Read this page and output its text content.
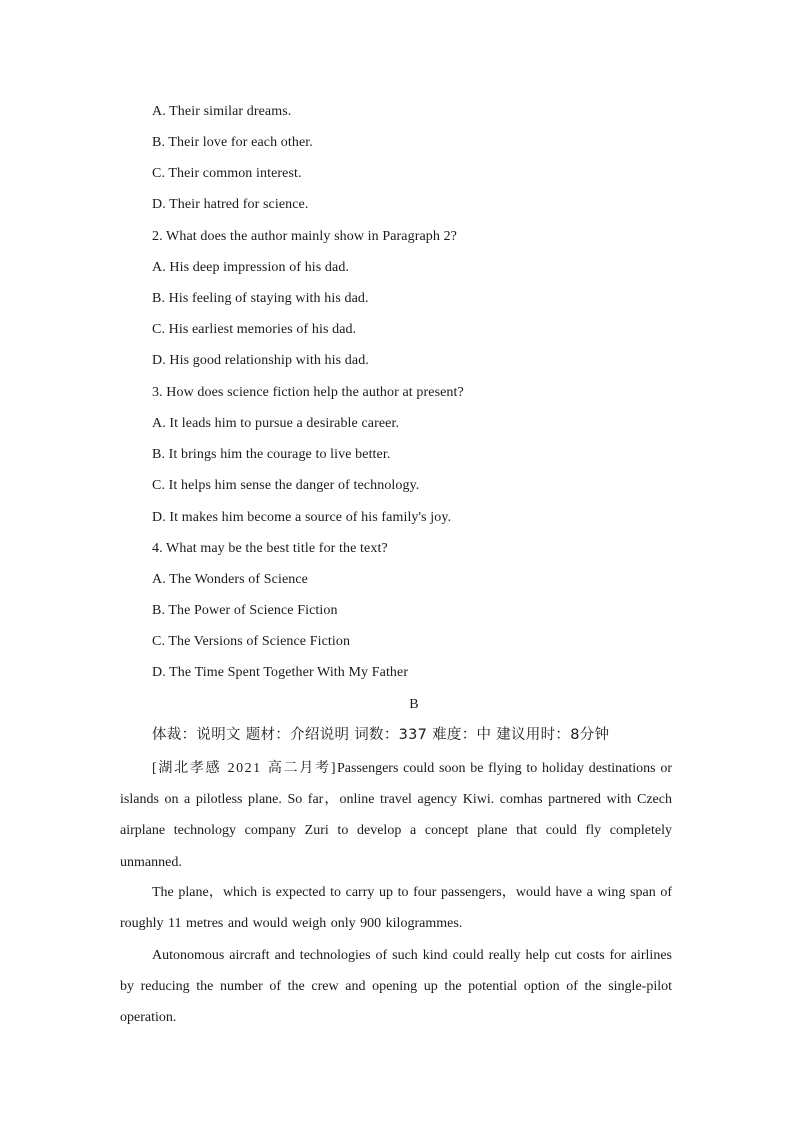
A. Their similar dreams.
B. Their love for each other.
C. Their common interest.
D. Their hatred for science.
2. What does the author mainly show in Paragraph 2?
A. His deep impression of his dad.
B. His feeling of staying with his dad.
C. His earliest memories of his dad.
D. His good relationship with his dad.
3. How does science fiction help the author at present?
A. It leads him to pursue a desirable career.
B. It brings him the courage to live better.
C. It helps him sense the danger of technology.
D. It makes him become a source of his family's joy.
4. What may be the best title for the text?
A. The Wonders of Science
B. The Power of Science Fiction
C. The Versions of Science Fiction
D. The Time Spent Together With My Father
B
体裁：说明文 题材：介绍说明 词数：337 难度：中 建议用时：8分钟
[湖北孝感 2021 高二月考]Passengers could soon be flying to holiday destinations or islands on a pilotless plane. So far，online travel agency Kiwi. comhas partnered with Czech airplane technology company Zuri to develop a concept plane that could fly completely unmanned.
The plane，which is expected to carry up to four passengers，would have a wing span of roughly 11 metres and would weigh only 900 kilogrammes.
Autonomous aircraft and technologies of such kind could really help cut costs for airlines by reducing the number of the crew and opening up the potential option of the single-pilot operation.
